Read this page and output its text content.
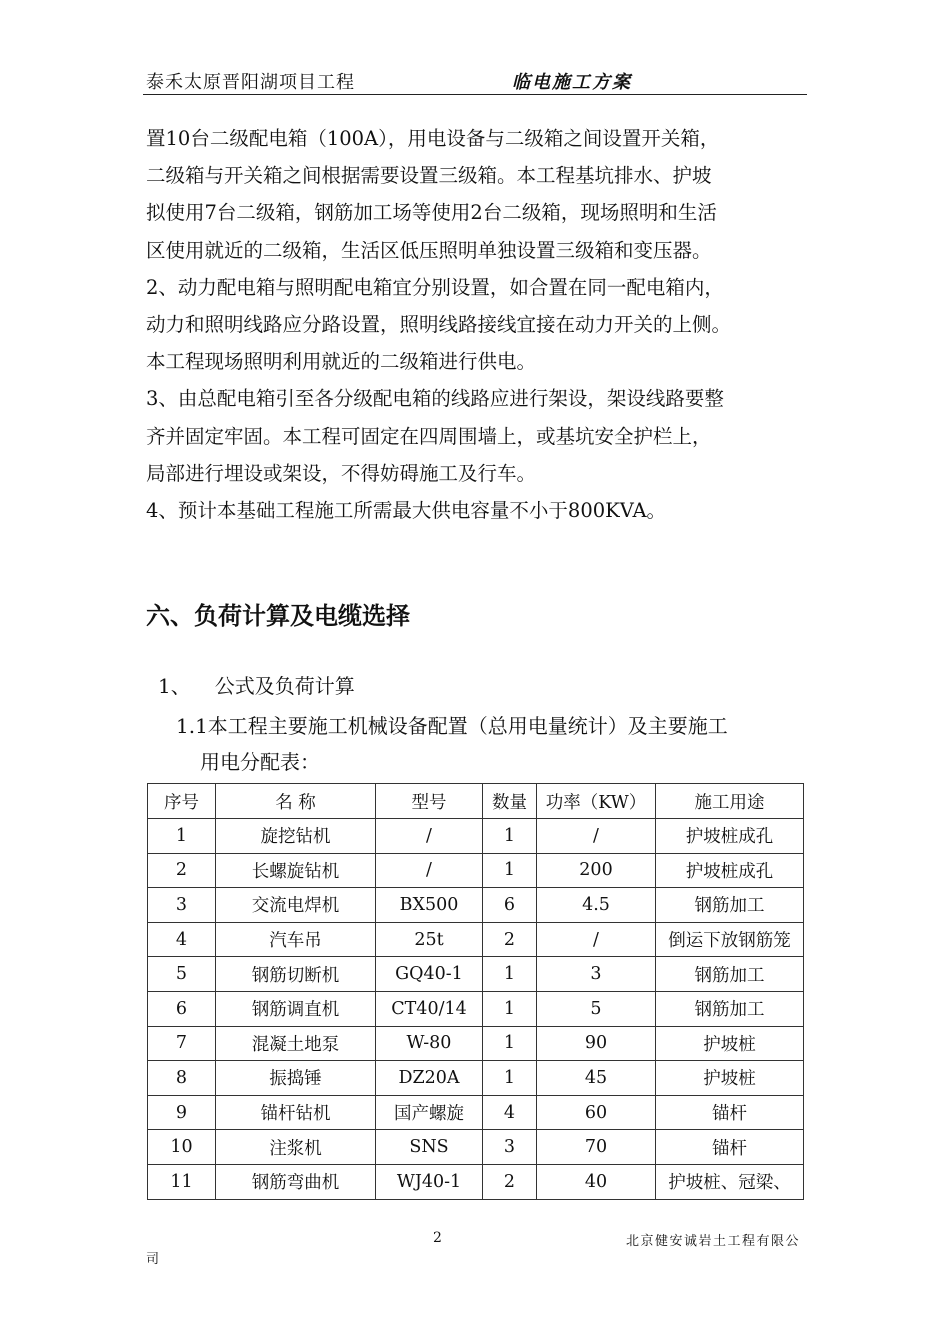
泰禾太原晋阳湖项目工程	临电施工方案
置10台二级配电箱（100A），用电设备与二级箱之间设置开关箱，
二级箱与开关箱之间根据需要设置三级箱。本工程基坑排水、护坡
拟使用7台二级箱，钢筋加工场等使用2台二级箱，现场照明和生活
区使用就近的二级箱，生活区低压照明单独设置三级箱和变压器。
2、动力配电箱与照明配电箱宜分别设置，如合置在同一配电箱内，
动力和照明线路应分路设置，照明线路接线宜接在动力开关的上侧。
本工程现场照明利用就近的二级箱进行供电。
3、由总配电箱引至各分级配电箱的线路应进行架设，架设线路要整
齐并固定牢固。本工程可固定在四周围墙上，或基坑安全护栏上，
局部进行埋设或架设，不得妨碍施工及行车。
4、预计本基础工程施工所需最大供电容量不小于800KVA。
六、负荷计算及电缆选择
1、 公式及负荷计算
1.1本工程主要施工机械设备配置（总用电量统计）及主要施工
用电分配表：
序号	名 称	型号	数量	功率（KW）	施工用途
1	旋挖钻机	/	1	/	护坡桩成孔
2	长螺旋钻机	/	1	200	护坡桩成孔
3	交流电焊机	BX500	6	4.5	钢筋加工
4	汽车吊	25t	2	/	倒运下放钢筋笼
5	钢筋切断机	GQ40-1	1	3	钢筋加工
6	钢筋调直机	CT40/14	1	5	钢筋加工
7	混凝土地泵	W-80	1	90	护坡桩
8	振捣锤	DZ20A	1	45	护坡桩
9	锚杆钻机	国产螺旋	4	60	锚杆
10	注浆机	SNS	3	70	锚杆
11	钢筋弯曲机	WJ40-1	2	40	护坡桩、冠梁、
2	北京健安诚岩土工程有限公
司
